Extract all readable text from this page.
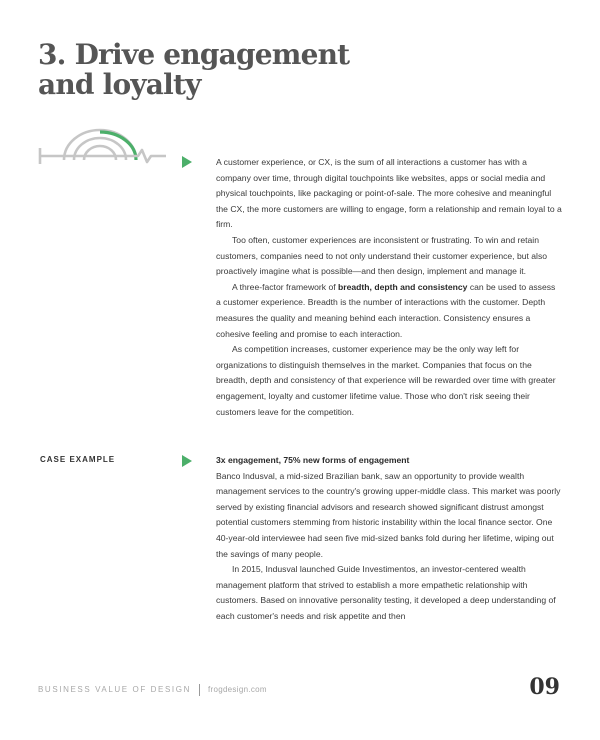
3. Drive engagement
and loyalty

A customer experience, or CX, is the sum of all interactions a customer has with a company over time, through digital touchpoints like websites, apps or social media and physical touchpoints, like packaging or point-of-sale. The more cohesive and meaningful the CX, the more customers are willing to engage, form a relationship and remain loyal to a firm.

Too often, customer experiences are inconsistent or frustrating. To win and retain customers, companies need to not only understand their customer experience, but also proactively imagine what is possible—and then design, implement and manage it.

A three-factor framework of breadth, depth and consistency can be used to assess a customer experience. Breadth is the number of interactions with the customer. Depth measures the quality and meaning behind each interaction. Consistency ensures a cohesive feeling and promise to each interaction.

As competition increases, customer experience may be the only way left for organizations to distinguish themselves in the market. Companies that focus on the breadth, depth and consistency of that experience will be rewarded over time with greater engagement, loyalty and customer lifetime value. Those who don't risk seeing their customers leave for the competition.

CASE EXAMPLE	3x engagement, 75% new forms of engagement

Banco Indusval, a mid-sized Brazilian bank, saw an opportunity to provide wealth management services to the country's growing upper-middle class. This market was poorly served by existing financial advisors and research showed significant distrust amongst potential customers stemming from historic instability within the local finance sector. One 40-year-old interviewee had seen five mid-sized banks fold during her lifetime, wiping out the savings of many people.

In 2015, Indusval launched Guide Investimentos, an investor-centered wealth management platform that strived to establish a more empathetic relationship with customers. Based on innovative personality testing, it developed a deep understanding of each customer's needs and risk appetite and then

BUSINESS VALUE OF DESIGN frogdesign.com	09
